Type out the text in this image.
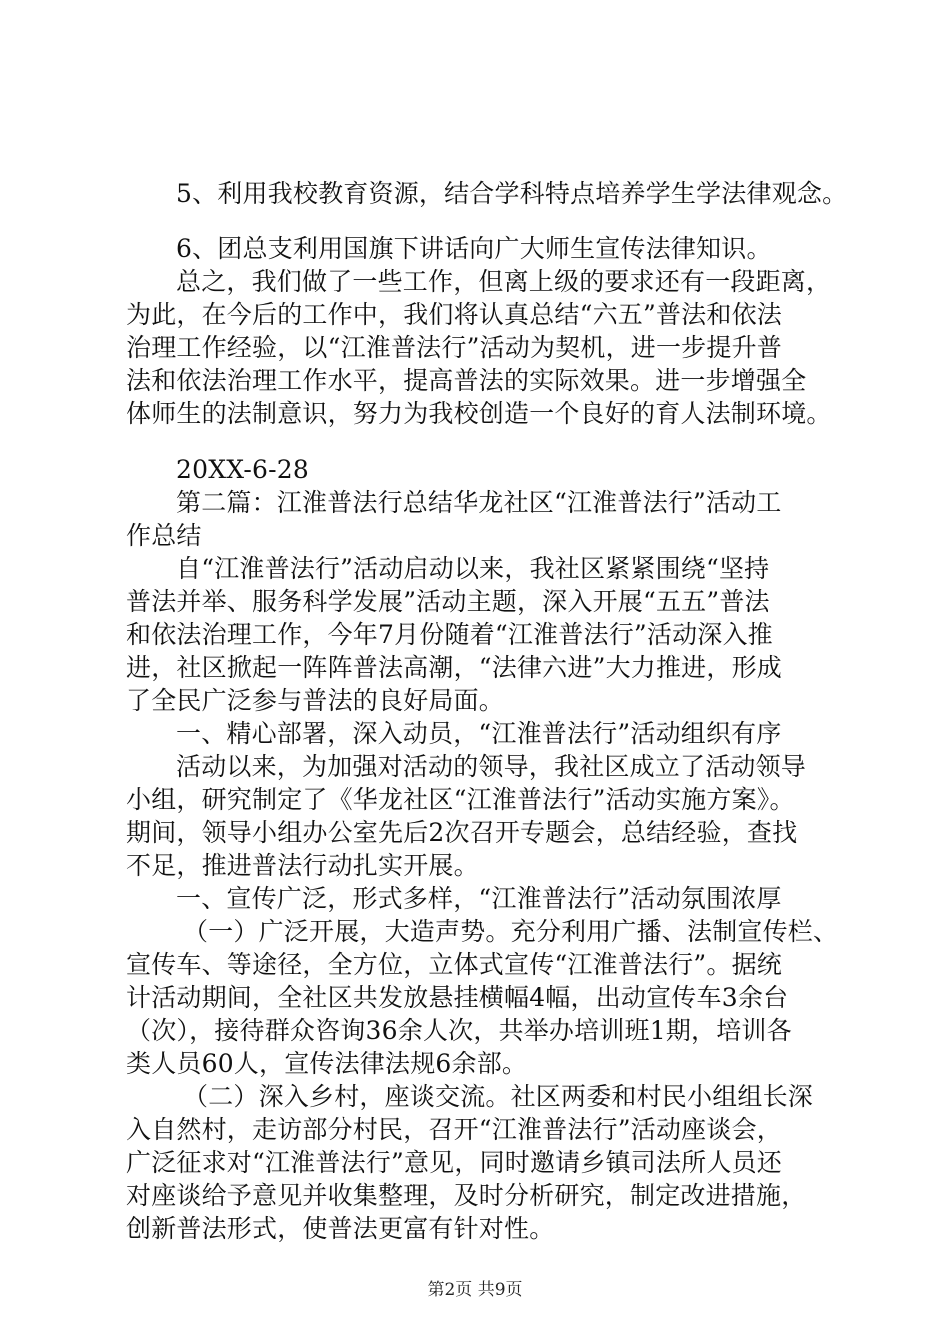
5、利用我校教育资源，结合学科特点培养学生学法律观念。
6、团总支利用国旗下讲话向广大师生宣传法律知识。
总之，我们做了一些工作，但离上级的要求还有一段距离，
为此，在今后的工作中，我们将认真总结“六五”普法和依法
治理工作经验，以“江淮普法行”活动为契机，进一步提升普
法和依法治理工作水平，提高普法的实际效果。进一步增强全
体师生的法制意识，努力为我校创造一个良好的育人法制环境。
20XX-6-28
第二篇：江淮普法行总结华龙社区“江淮普法行”活动工
作总结
自“江淮普法行”活动启动以来，我社区紧紧围绕“坚持
普法并举、服务科学发展”活动主题，深入开展“五五”普法
和依法治理工作，今年7月份随着“江淮普法行”活动深入推
进，社区掀起一阵阵普法高潮，“法律六进”大力推进，形成
了全民广泛参与普法的良好局面。
一、精心部署，深入动员，“江淮普法行”活动组织有序
活动以来，为加强对活动的领导，我社区成立了活动领导
小组，研究制定了《华龙社区“江淮普法行”活动实施方案》。
期间，领导小组办公室先后2次召开专题会，总结经验，查找
不足，推进普法行动扎实开展。
一、宣传广泛，形式多样，“江淮普法行”活动氛围浓厚
（一）广泛开展，大造声势。充分利用广播、法制宣传栏、
宣传车、等途径，全方位，立体式宣传“江淮普法行”。据统
计活动期间，全社区共发放悬挂横幅4幅，出动宣传车3余台
（次），接待群众咨询36余人次，共举办培训班1期，培训各
类人员60人，宣传法律法规6余部。
（二）深入乡村，座谈交流。社区两委和村民小组组长深
入自然村，走访部分村民，召开“江淮普法行”活动座谈会，
广泛征求对“江淮普法行”意见，同时邀请乡镇司法所人员还
对座谈给予意见并收集整理，及时分析研究，制定改进措施，
创新普法形式，使普法更富有针对性。
第2页 共9页
